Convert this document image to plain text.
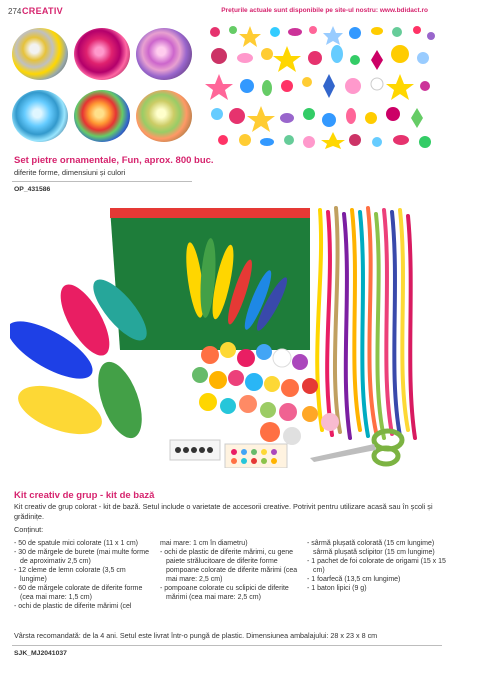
274 CREATIV	Prețurile actuale sunt disponibile pe site-ul nostru: www.bdidact.ro
Set pietre ornamentale, Fun, aprox. 800 buc.
diferite forme, dimensiuni și culori
OP_431586
Kit creativ de grup - kit de bază
Kit creativ de grup colorat - kit de bază. Setul include o varietate de accesorii creative. Potrivit pentru utilizare acasă sau în școli și grădinițe.
Conținut:
- 50 de spatule mici colorate (11 x 1 cm)
- 30 de mărgele de burete (mai multe forme de aproximativ 2,5 cm)
- 12 cleme de lemn colorate (3,5 cm lungime)
- 60 de mărgele colorate de diferite forme (cea mai mare: 1,5 cm)
- ochi de plastic de diferite mărimi (cel
mai mare: 1 cm în diametru)
- ochi de plastic de diferite mărimi, cu gene paiete strălucitoare de diferite forme pompoane colorate de diferite mărimi (cea mai mare: 2,5 cm)
- pompoane colorate cu sclipici de diferite mărimi (cea mai mare: 2,5 cm)
- sârmă plușată colorată (15 cm lungime) sârmă plușată sclipitor (15 cm lungime)
- 1 pachet de foi colorate de origami (15 x 15 cm)
- 1 foarfecă (13,5 cm lungime)
- 1 baton lipici (9 g)
Vârsta recomandată: de la 4 ani. Setul este livrat într-o pungă de plastic. Dimensiunea ambalajului: 28 x 23 x 8 cm
SJK_MJ2041037
